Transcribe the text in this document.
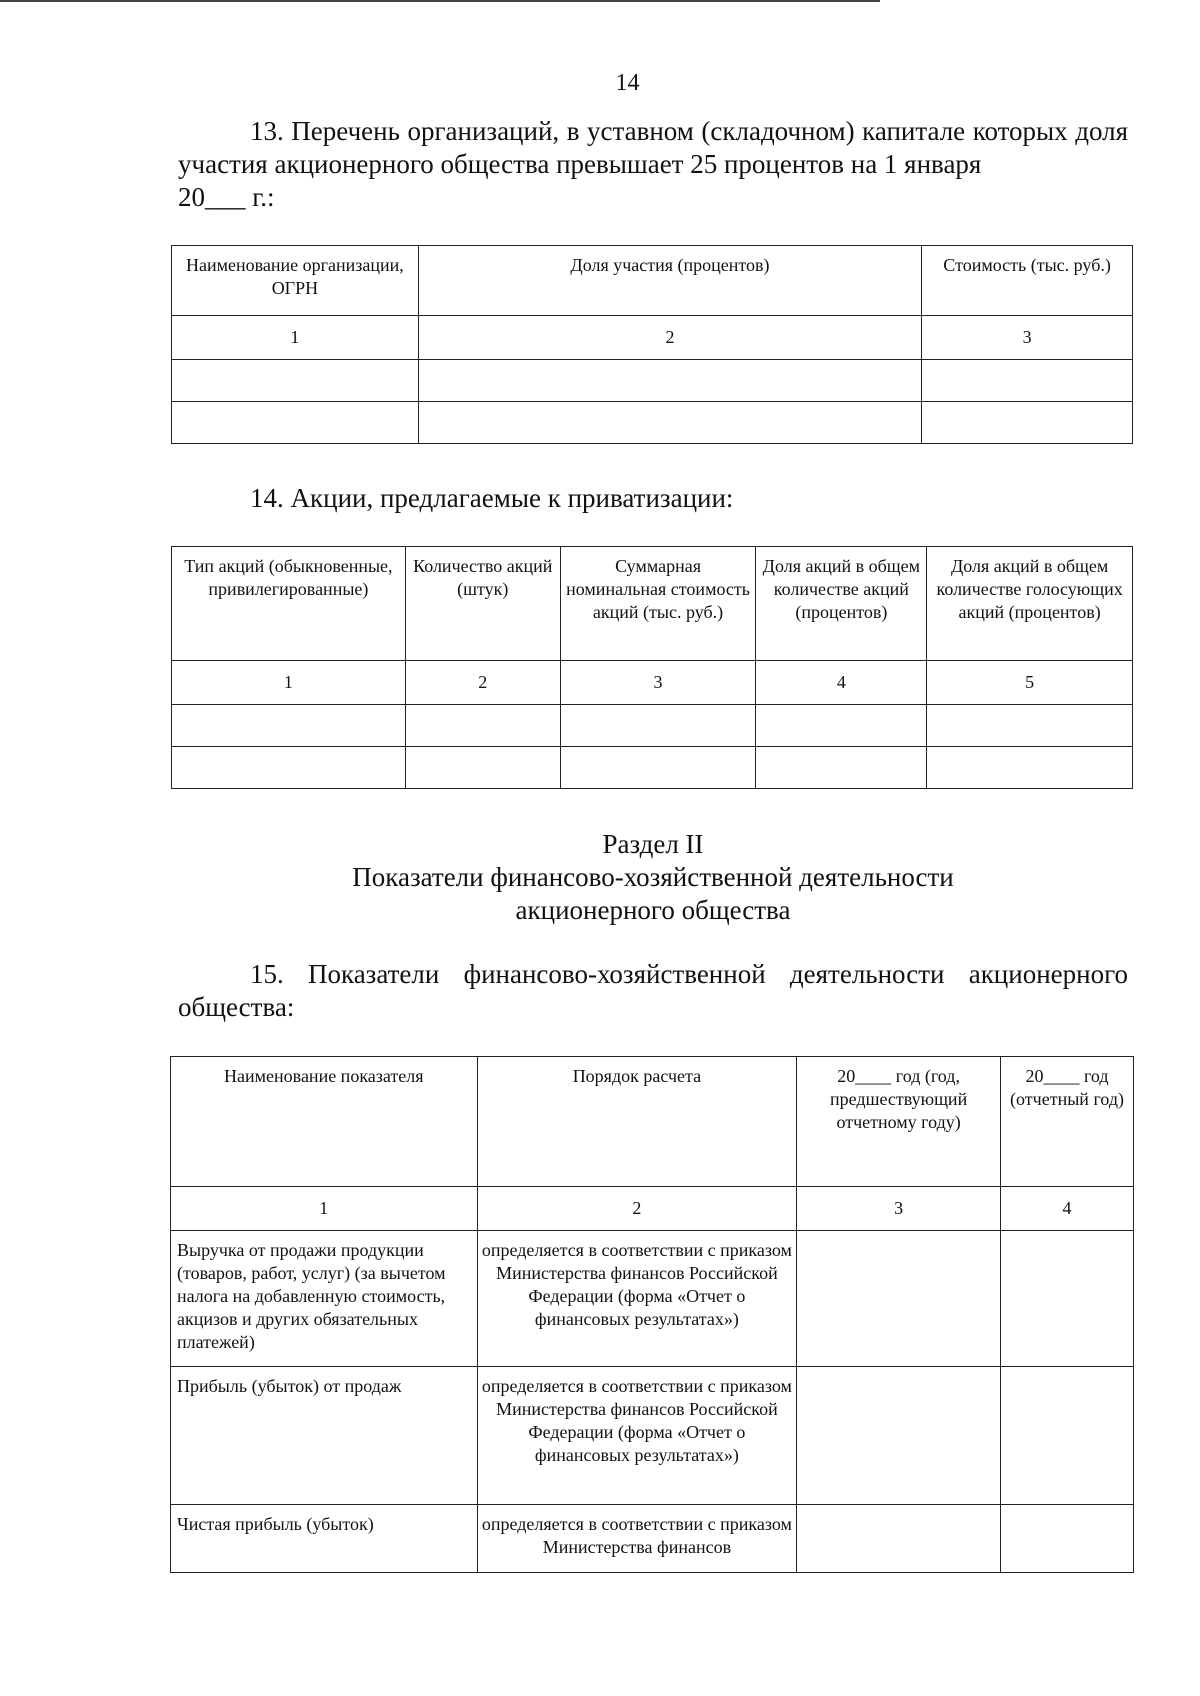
14
13. Перечень организаций, в уставном (складочном) капитале которых доля участия акционерного общества превышает 25 процентов на 1 января
20___ г.:
Наименование организации, ОГРН	Доля участия (процентов)	Стоимость (тыс. руб.)
1	2	3

14. Акции, предлагаемые к приватизации:
Тип акций (обыкновенные, привилегированные)	Количество акций (штук)	Суммарная номинальная стоимость акций (тыс. руб.)	Доля акций в общем количестве акций (процентов)	Доля акций в общем количестве голосующих акций (процентов)
1	2	3	4	5

Раздел II
Показатели финансово-хозяйственной деятельности
акционерного общества
15. Показатели финансово-хозяйственной деятельности акционерного общества:
Наименование показателя	Порядок расчета	20____ год (год, предшествующий отчетному году)	20____ год (отчетный год)
1	2	3	4
Выручка от продажи продукции (товаров, работ, услуг) (за вычетом налога на добавленную стоимость, акцизов и других обязательных платежей)	определяется в соответствии с приказом Министерства финансов Российской Федерации (форма «Отчет о финансовых результатах»)		
Прибыль (убыток) от продаж	определяется в соответствии с приказом Министерства финансов Российской Федерации (форма «Отчет о финансовых результатах»)		
Чистая прибыль (убыток)	определяется в соответствии с приказом Министерства финансов		
